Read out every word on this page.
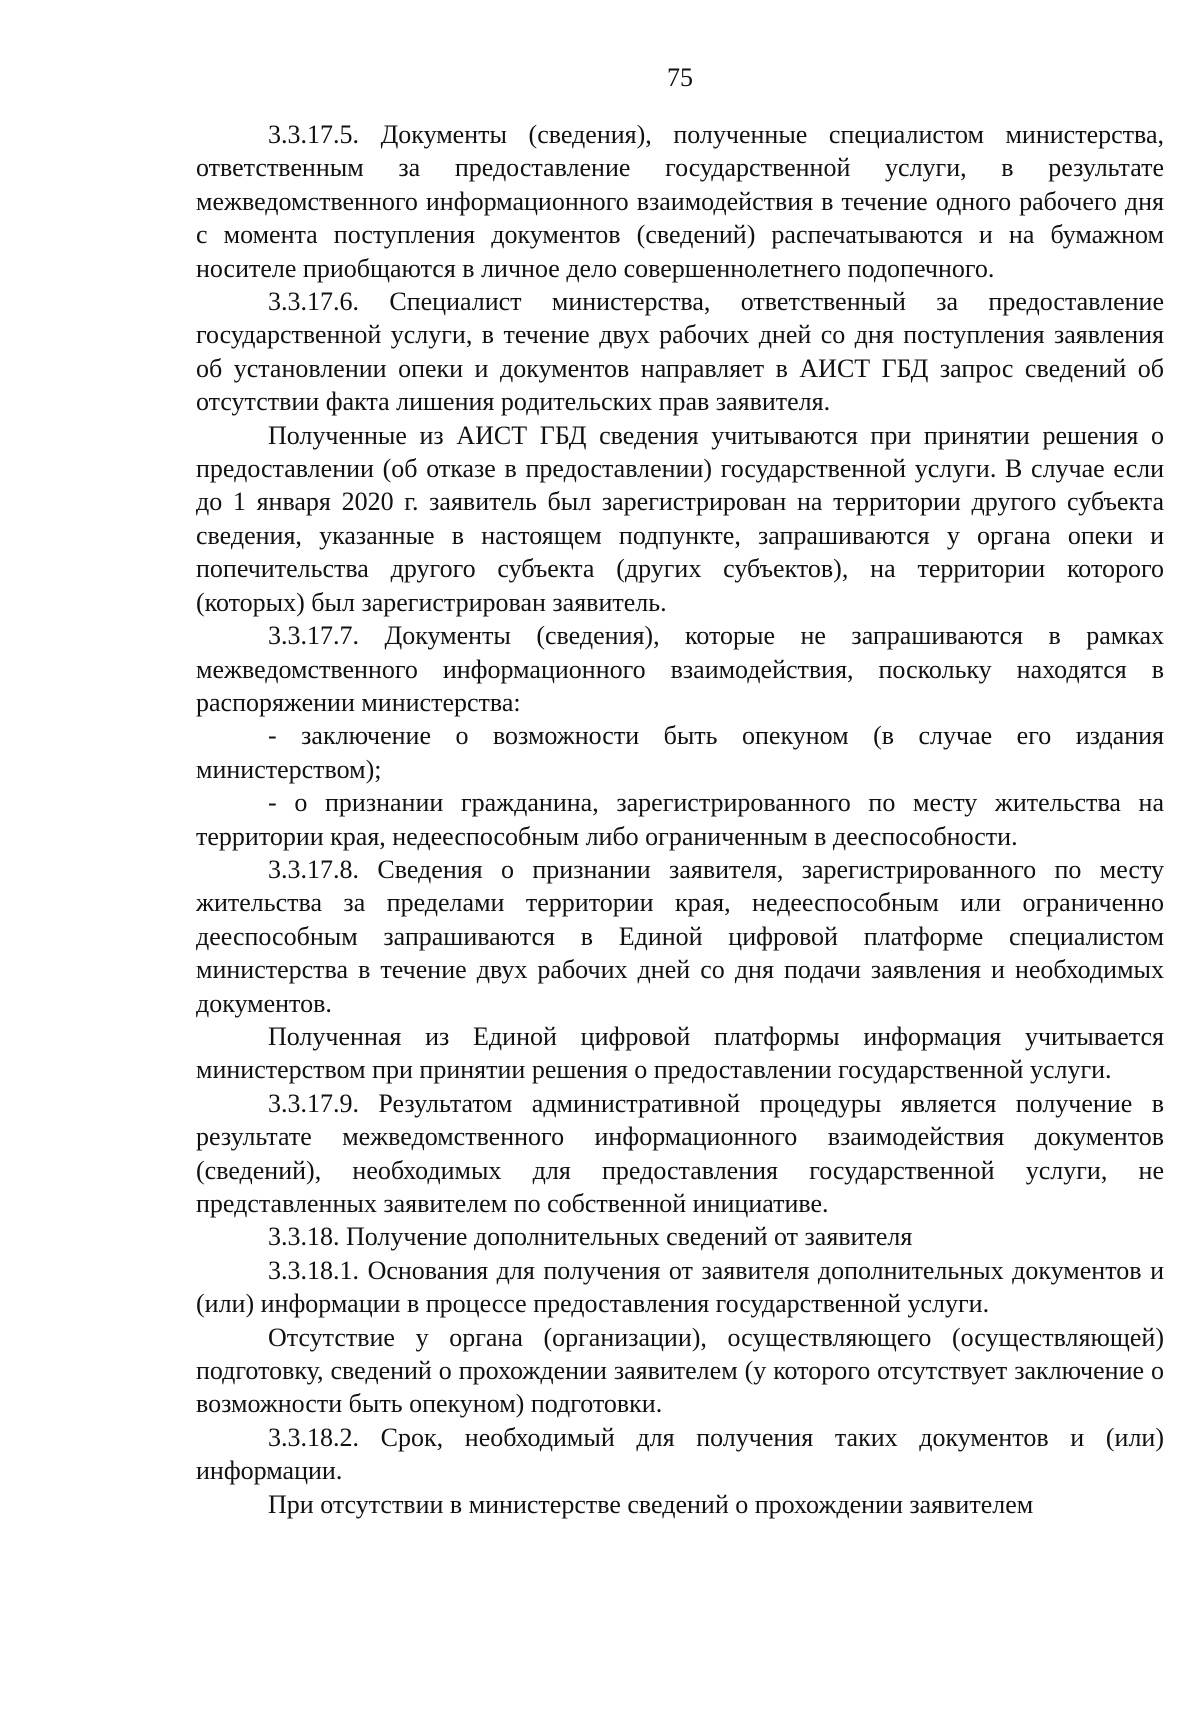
75

3.3.17.5. Документы (сведения), полученные специалистом министерства, ответственным за предоставление государственной услуги, в результате межведомственного информационного взаимодействия в течение одного рабочего дня с момента поступления документов (сведений) распечатываются и на бумажном носителе приобщаются в личное дело совершеннолетнего подопечного.

3.3.17.6. Специалист министерства, ответственный за предоставление государственной услуги, в течение двух рабочих дней со дня поступления заявления об установлении опеки и документов направляет в АИСТ ГБД запрос сведений об отсутствии факта лишения родительских прав заявителя.

Полученные из АИСТ ГБД сведения учитываются при принятии решения о предоставлении (об отказе в предоставлении) государственной услуги. В случае если до 1 января 2020 г. заявитель был зарегистрирован на территории другого субъекта сведения, указанные в настоящем подпункте, запрашиваются у органа опеки и попечительства другого субъекта (других субъектов), на территории которого (которых) был зарегистрирован заявитель.

3.3.17.7. Документы (сведения), которые не запрашиваются в рамках межведомственного информационного взаимодействия, поскольку находятся в распоряжении министерства:

- заключение о возможности быть опекуном (в случае его издания министерством);

- о признании гражданина, зарегистрированного по месту жительства на территории края, недееспособным либо ограниченным в дееспособности.

3.3.17.8. Сведения о признании заявителя, зарегистрированного по месту жительства за пределами территории края, недееспособным или ограниченно дееспособным запрашиваются в Единой цифровой платформе специалистом министерства в течение двух рабочих дней со дня подачи заявления и необходимых документов.

Полученная из Единой цифровой платформы информация учитывается министерством при принятии решения о предоставлении государственной услуги.

3.3.17.9. Результатом административной процедуры является получение в результате межведомственного информационного взаимодействия документов (сведений), необходимых для предоставления государственной услуги, не представленных заявителем по собственной инициативе.

3.3.18. Получение дополнительных сведений от заявителя

3.3.18.1. Основания для получения от заявителя дополнительных документов и (или) информации в процессе предоставления государственной услуги.

Отсутствие у органа (организации), осуществляющего (осуществляющей) подготовку, сведений о прохождении заявителем (у которого отсутствует заключение о возможности быть опекуном) подготовки.

3.3.18.2. Срок, необходимый для получения таких документов и (или) информации.

При отсутствии в министерстве сведений о прохождении заявителем
